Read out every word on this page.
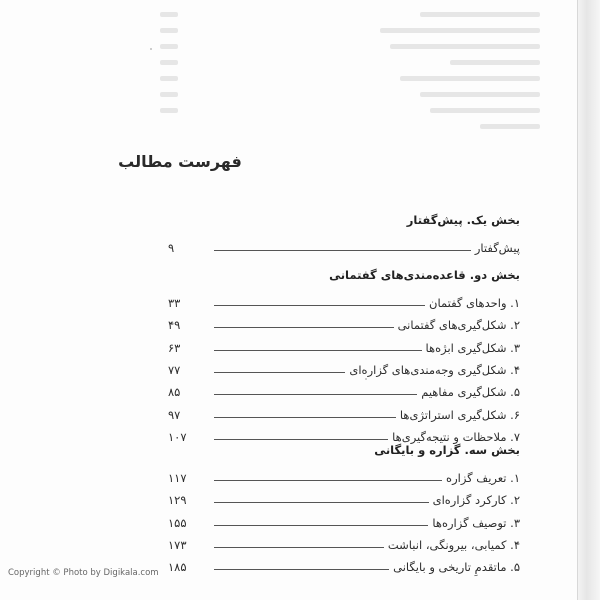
فهرست مطالب
بخش یک. پیش‌گفتار
پیش‌گفتار
۹
بخش دو. قاعده‌مندی‌های گفتمانی
۱. واحدهای گفتمان
۳۳
۲. شکل‌گیری‌های گفتمانی
۴۹
۳. شکل‌گیری ابژه‌ها
۶۳
۴. شکل‌گیری وجه‌مندی‌های گزاره‌ای
۷۷
۵. شکل‌گیری مفاهیم
۸۵
۶. شکل‌گیری استراتژی‌ها
۹۷
۷. ملاحظات و نتیجه‌گیری‌ها
۱۰۷
بخش سه. گزاره و بایگانی
۱. تعریف گزاره
۱۱۷
۲. کارکرد گزاره‌ای
۱۲۹
۳. توصیف گزاره‌ها
۱۵۵
۴. کمیابی، بیرونگی، انباشت
۱۷۳
۵. ماتقدمِ تاریخی و بایگانی
۱۸۵
Copyright © Photo by Digikala.com
